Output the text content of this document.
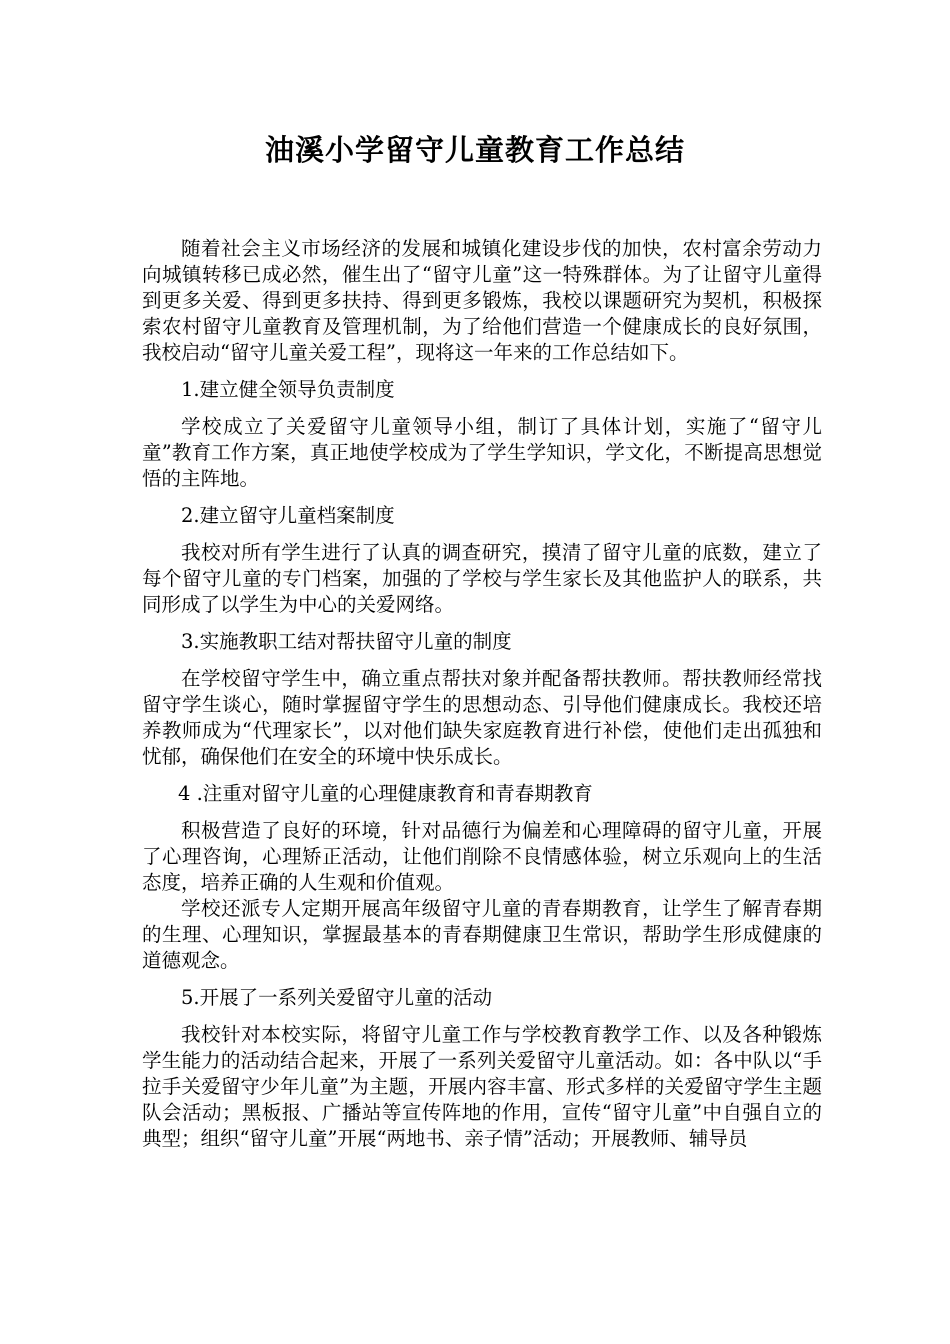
油溪小学留守儿童教育工作总结

随着社会主义市场经济的发展和城镇化建设步伐的加快，农村富余劳动力向城镇转移已成必然，催生出了“留守儿童”这一特殊群体。为了让留守儿童得到更多关爱、得到更多扶持、得到更多锻炼，我校以课题研究为契机，积极探索农村留守儿童教育及管理机制，为了给他们营造一个健康成长的良好氛围，我校启动“留守儿童关爱工程”，现将这一年来的工作总结如下。

1.建立健全领导负责制度

学校成立了关爱留守儿童领导小组，制订了具体计划，实施了“留守儿童”教育工作方案，真正地使学校成为了学生学知识，学文化，不断提高思想觉悟的主阵地。

2.建立留守儿童档案制度

我校对所有学生进行了认真的调查研究，摸清了留守儿童的底数，建立了每个留守儿童的专门档案，加强的了学校与学生家长及其他监护人的联系，共同形成了以学生为中心的关爱网络。

3.实施教职工结对帮扶留守儿童的制度

在学校留守学生中，确立重点帮扶对象并配备帮扶教师。帮扶教师经常找留守学生谈心，随时掌握留守学生的思想动态、引导他们健康成长。我校还培养教师成为“代理家长”，以对他们缺失家庭教育进行补偿，使他们走出孤独和忧郁，确保他们在安全的环境中快乐成长。

4 .注重对留守儿童的心理健康教育和青春期教育

积极营造了良好的环境，针对品德行为偏差和心理障碍的留守儿童，开展了心理咨询，心理矫正活动，让他们削除不良情感体验，树立乐观向上的生活态度，培养正确的人生观和价值观。

学校还派专人定期开展高年级留守儿童的青春期教育，让学生了解青春期的生理、心理知识，掌握最基本的青春期健康卫生常识，帮助学生形成健康的道德观念。

5.开展了一系列关爱留守儿童的活动

我校针对本校实际，将留守儿童工作与学校教育教学工作、以及各种锻炼学生能力的活动结合起来，开展了一系列关爱留守儿童活动。如：各中队以“手拉手关爱留守少年儿童”为主题，开展内容丰富、形式多样的关爱留守学生主题队会活动；黑板报、广播站等宣传阵地的作用，宣传“留守儿童”中自强自立的典型；组织“留守儿童”开展“两地书、亲子情”活动；开展教师、辅导员
